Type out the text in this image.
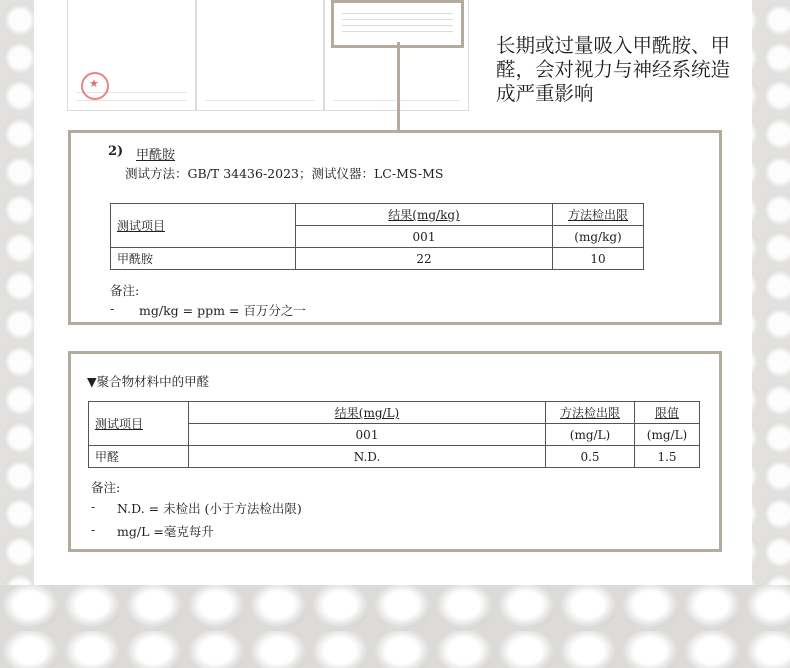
★
长期或过量吸入甲酰胺、甲醛，会对视力与神经系统造成严重影响
2) 甲酰胺
测试方法：GB/T 34436-2023；测试仪器：LC-MS-MS
测试项目	结果(mg/kg)	方法检出限
	001	(mg/kg)
甲酰胺	22	10
备注:
- mg/kg = ppm = 百万分之一
▼聚合物材料中的甲醛
测试项目	结果(mg/L)	方法检出限	限值
	001	(mg/L)	(mg/L)
甲醛	N.D.	0.5	1.5
备注:
- N.D. = 未检出 (小于方法检出限)
- mg/L =毫克每升
